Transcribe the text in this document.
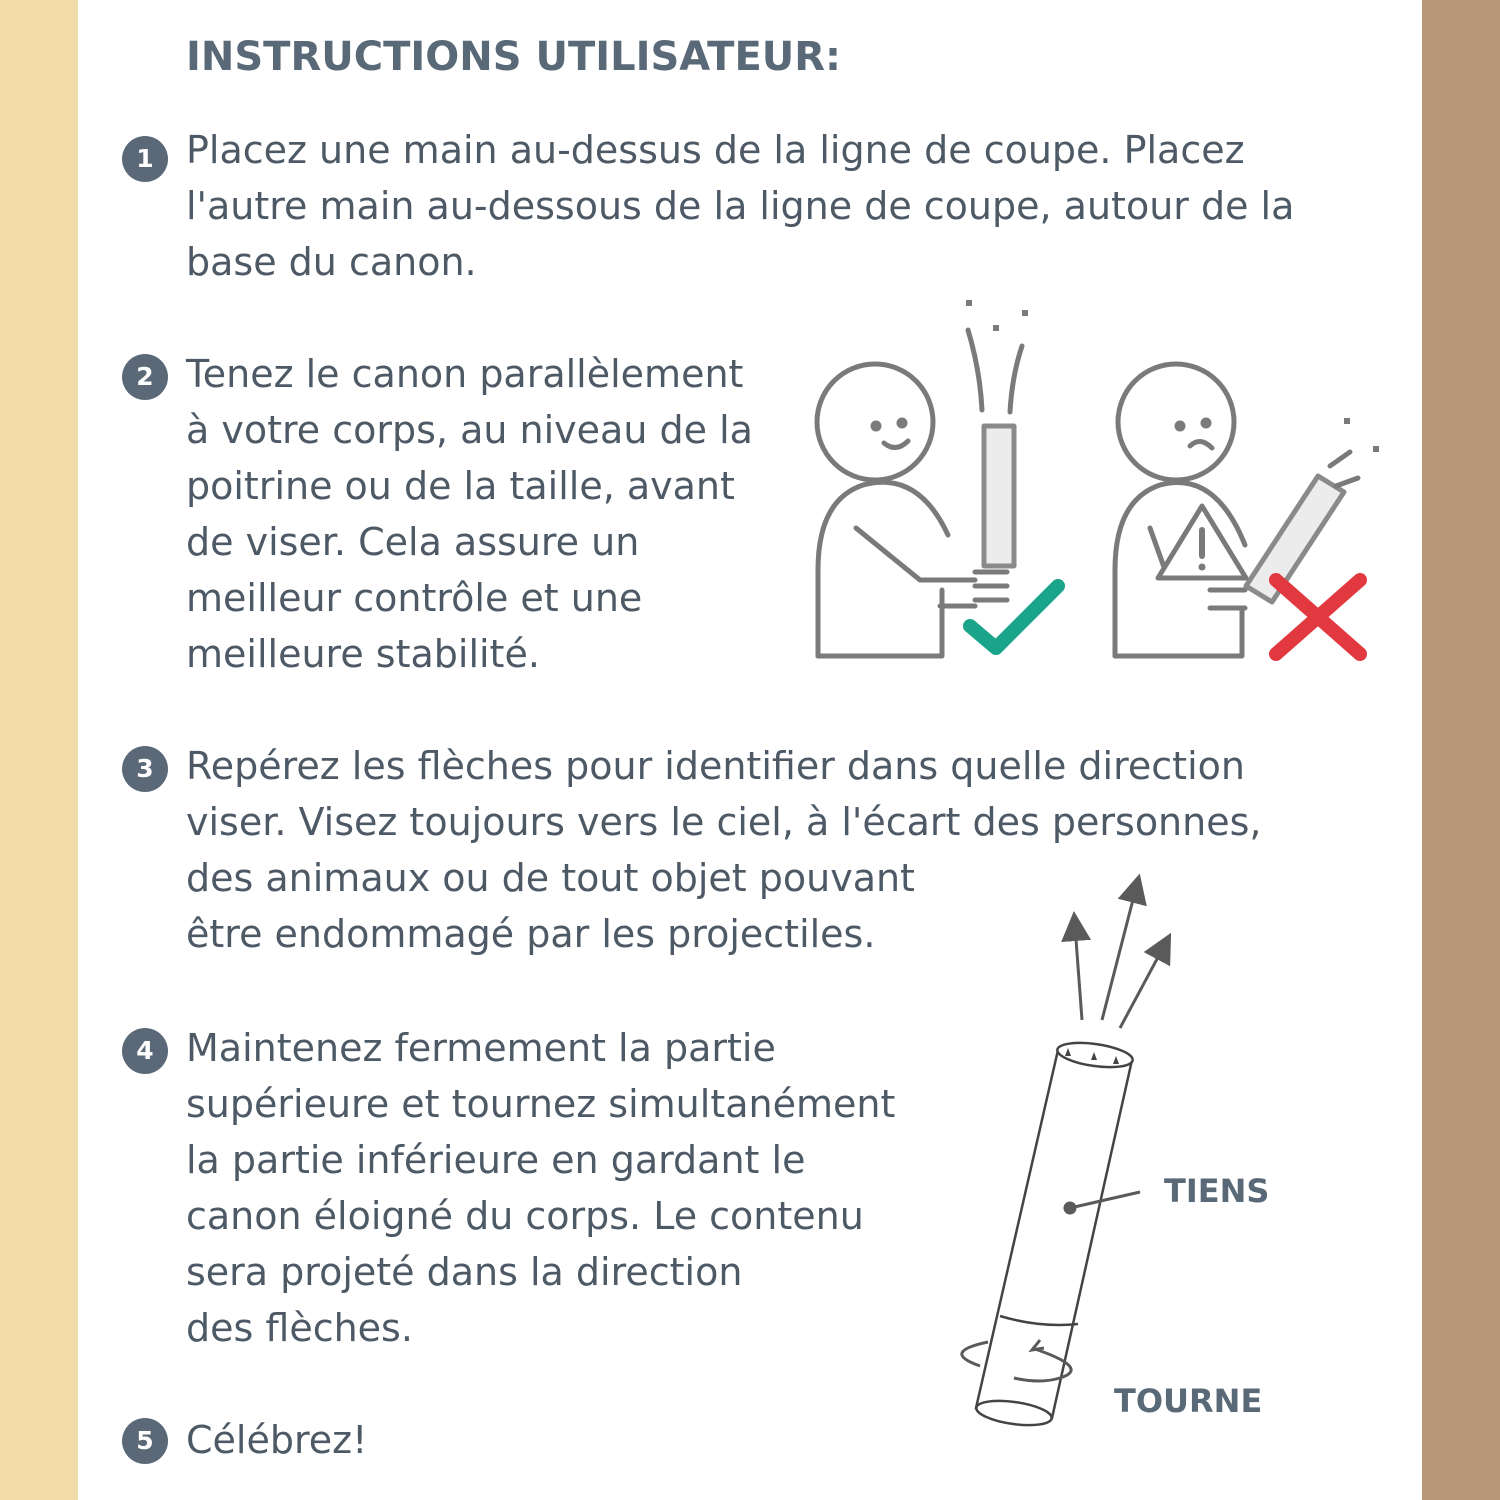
INSTRUCTIONS UTILISATEUR:
1 Placez une main au-dessus de la ligne de coupe. Placez
l'autre main au-dessous de la ligne de coupe, autour de la
base du canon.

2 Tenez le canon parallèlement
à votre corps, au niveau de la
poitrine ou de la taille, avant
de viser. Cela assure un
meilleur contrôle et une
meilleure stabilité.

3 Repérez les flèches pour identifier dans quelle direction
viser. Visez toujours vers le ciel, à l'écart des personnes,
des animaux ou de tout objet pouvant
être endommagé par les projectiles.

4 Maintenez fermement la partie
supérieure et tournez simultanément
la partie inférieure en gardant le
canon éloigné du corps. Le contenu
sera projeté dans la direction
des flèches.

TIENS

TOURNE

5 Célébrez!
